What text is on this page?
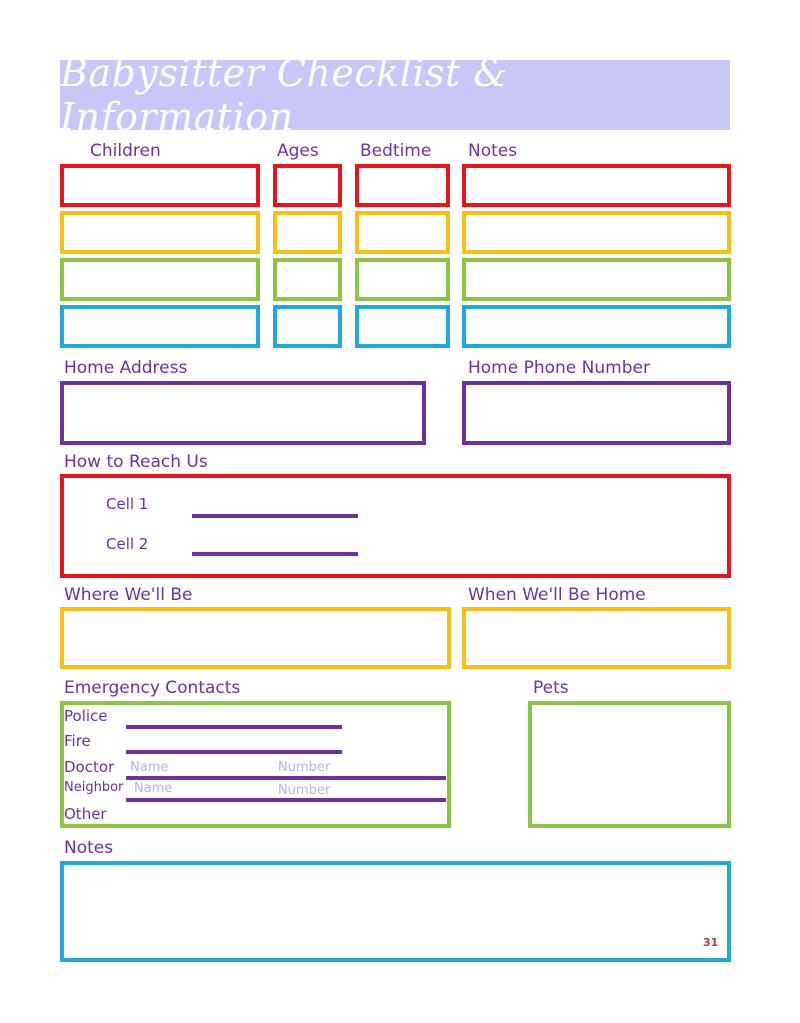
Babysitter Checklist & Information
Children	Ages Bedtime Notes
Home Address	Home Phone Number
How to Reach Us
Cell 1
Cell 2
Where We'll Be	When We'll Be Home
Emergency Contacts
Police
Fire
Doctor Name	Number
Neighbor Name	Number
Other
Pets
Notes
31
